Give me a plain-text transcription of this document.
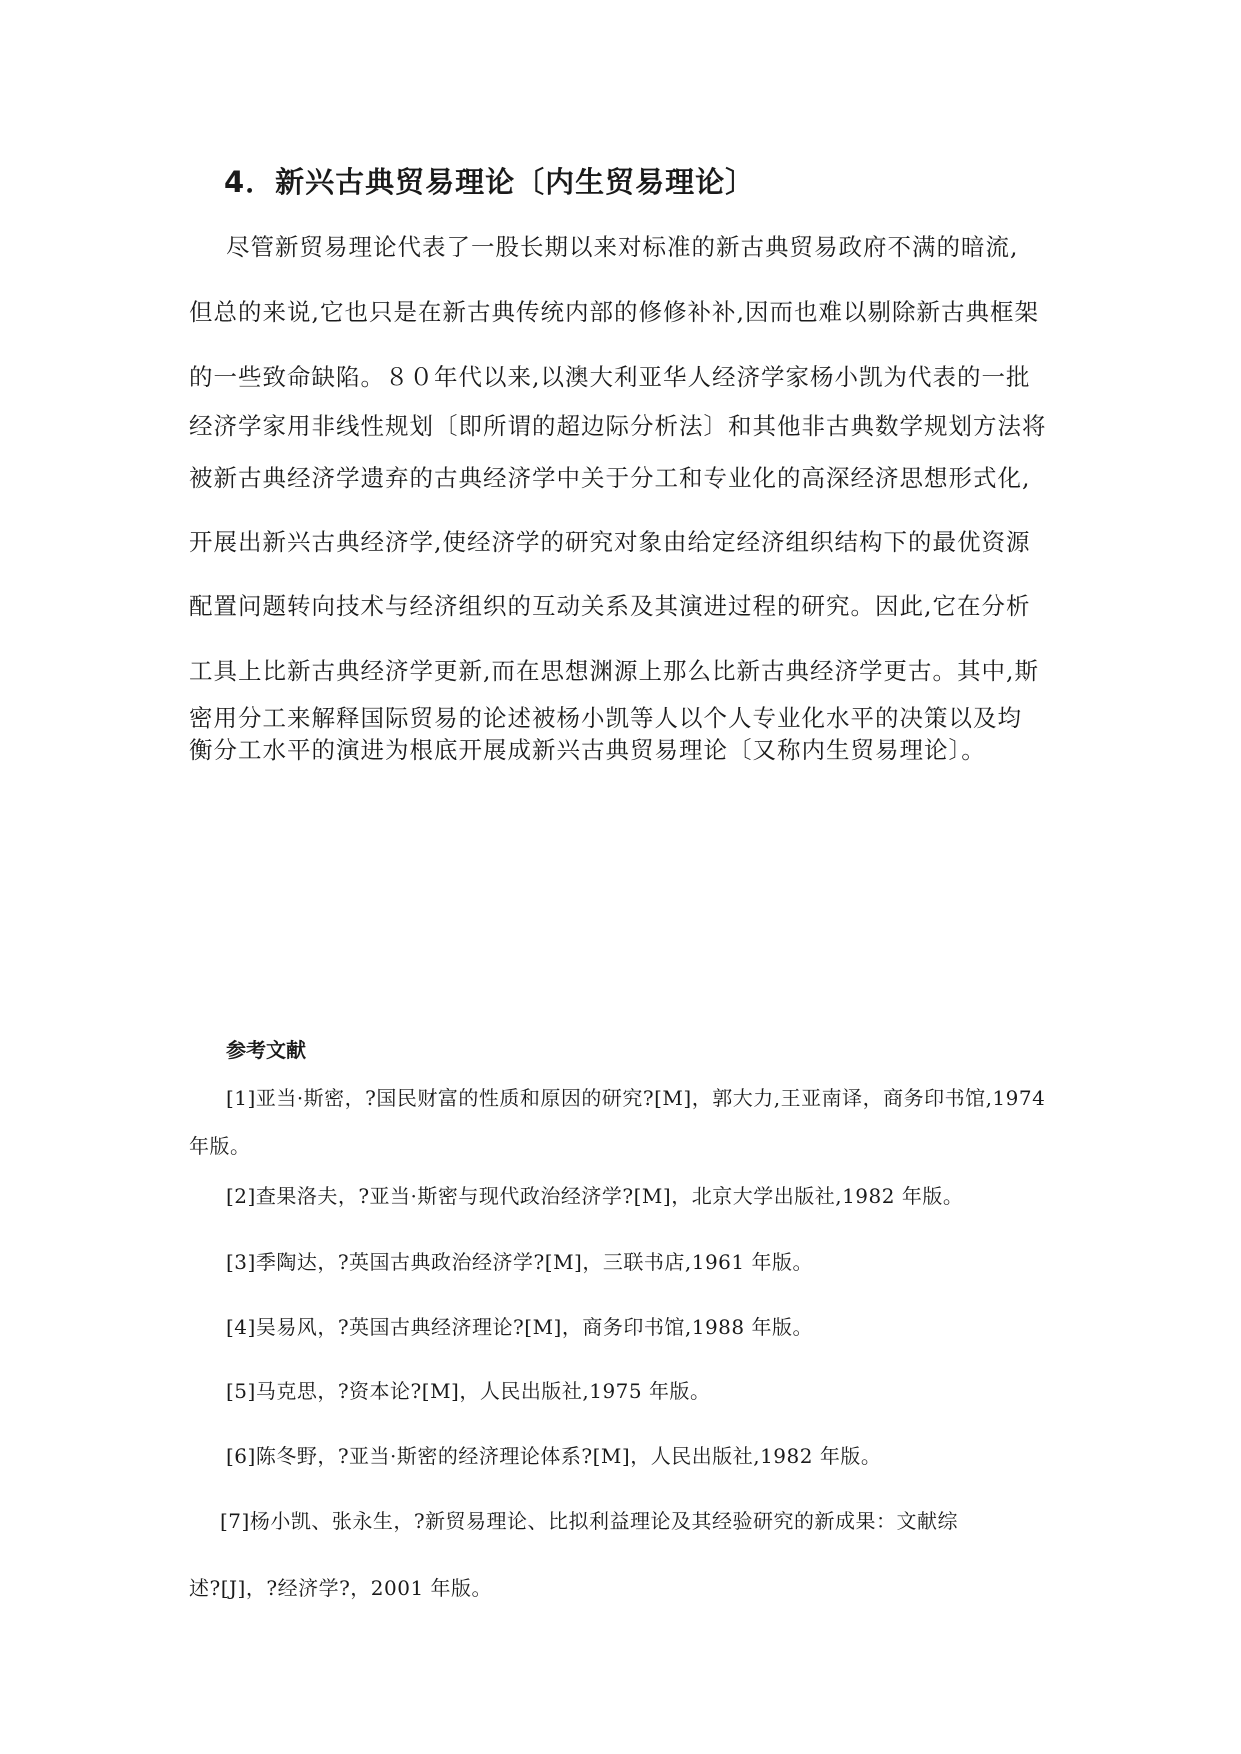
4．新兴古典贸易理论〔内生贸易理论〕

尽管新贸易理论代表了一股长期以来对标准的新古典贸易政府不满的暗流,

但总的来说,它也只是在新古典传统内部的修修补补,因而也难以剔除新古典框架

的一些致命缺陷。８０年代以来,以澳大利亚华人经济学家杨小凯为代表的一批

经济学家用非线性规划〔即所谓的超边际分析法〕和其他非古典数学规划方法将

被新古典经济学遗弃的古典经济学中关于分工和专业化的高深经济思想形式化,

开展出新兴古典经济学,使经济学的研究对象由给定经济组织结构下的最优资源

配置问题转向技术与经济组织的互动关系及其演进过程的研究。因此,它在分析

工具上比新古典经济学更新,而在思想渊源上那么比新古典经济学更古。其中,斯

密用分工来解释国际贸易的论述被杨小凯等人以个人专业化水平的决策以及均

衡分工水平的演进为根底开展成新兴古典贸易理论〔又称内生贸易理论〕。

参考文献

[1]亚当·斯密，?国民财富的性质和原因的研究?[M]，郭大力,王亚南译，商务印书馆,1974

年版。

[2]查果洛夫，?亚当·斯密与现代政治经济学?[M]，北京大学出版社,1982 年版。

[3]季陶达，?英国古典政治经济学?[M]，三联书店,1961 年版。

[4]吴易风，?英国古典经济理论?[M]，商务印书馆,1988 年版。

[5]马克思，?资本论?[M]，人民出版社,1975 年版。

[6]陈冬野，?亚当·斯密的经济理论体系?[M]，人民出版社,1982 年版。

[7]杨小凯、张永生，?新贸易理论、比拟利益理论及其经验研究的新成果：文献综

述?[J]，?经济学?，2001 年版。
